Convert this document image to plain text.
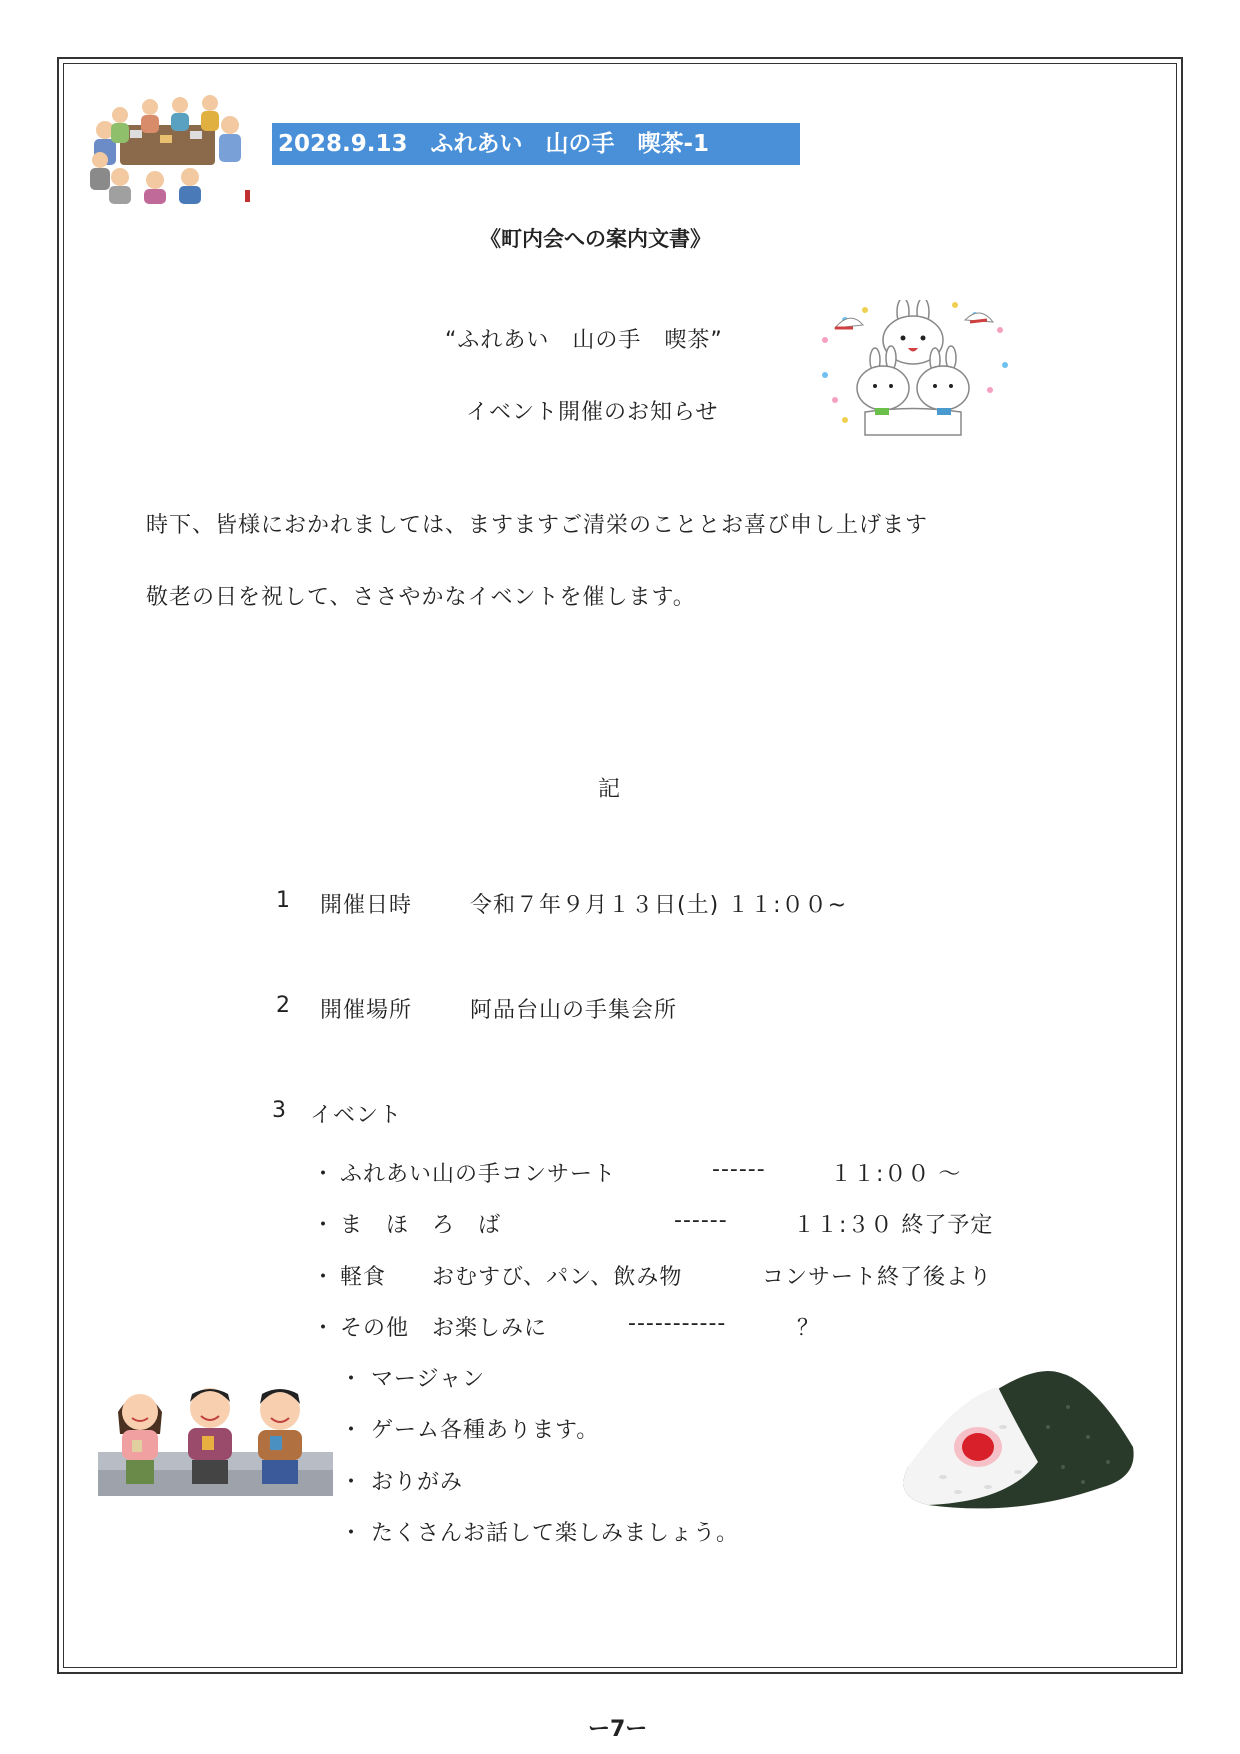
2028.9.13　ふれあい　山の手　喫茶-1
《町内会への案内文書》
“ふれあい　山の手　喫茶”
イベント開催のお知らせ
時下、皆様におかれましては、ますますご清栄のこととお喜び申し上げます
敬老の日を祝して、ささやかなイベントを催します。
記
1 開催日時	令和７年９月１３日(土) １１:００~
2 開催場所	阿品台山の手集会所
3 イベント
・ ふれあい山の手コンサート	------	１１:００ ～
・ ま　ほ　ろ　ば	------	１１:３０ 終了予定
・ 軽食　　おむすび、パン、飲み物	コンサート終了後より
・ その他　お楽しみに	-----------	？
・ マージャン
・ ゲーム各種あります。
・ おりがみ
・ たくさんお話して楽しみましょう。
ー7ー
